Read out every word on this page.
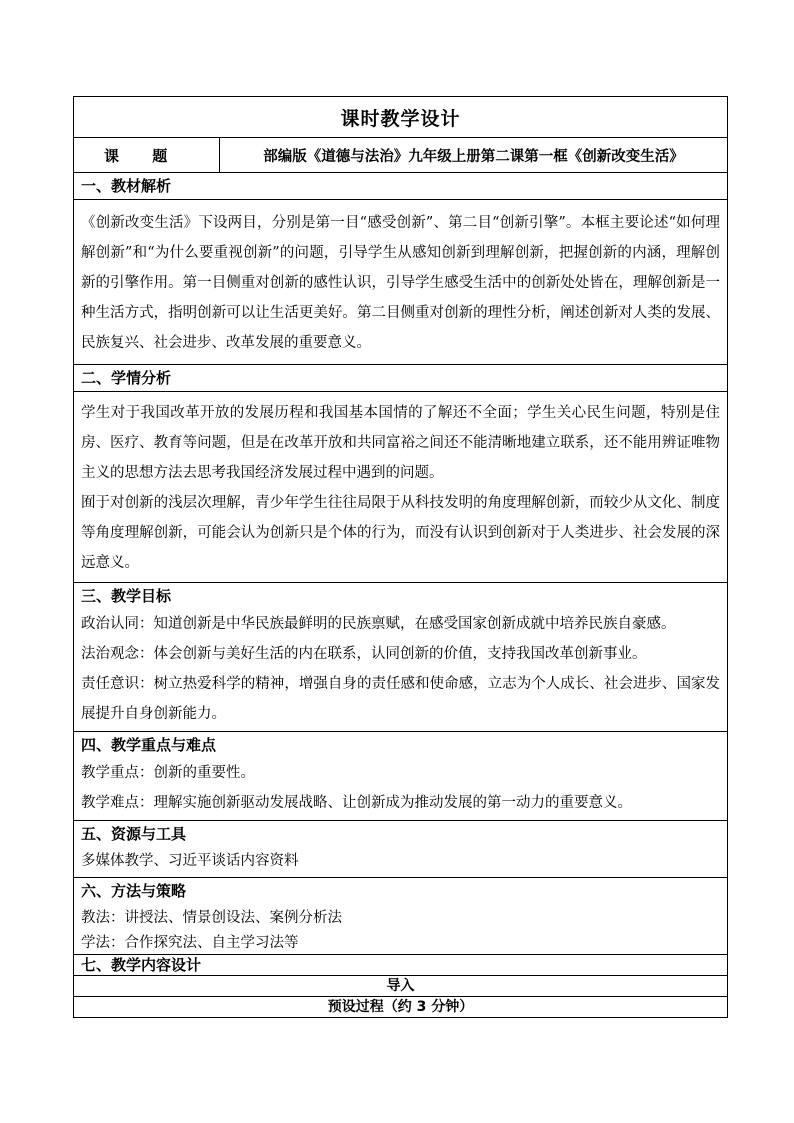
课时教学设计
课 题	部编版《道德与法治》九年级上册第二课第一框《创新改变生活》
一、教材解析

《创新改变生活》下设两目，分别是第一目“感受创新”、第二目“创新引擎”。本框主要论述“如何理解创新”和“为什么要重视创新”的问题，引导学生从感知创新到理解创新，把握创新的内涵，理解创新的引擎作用。第一目侧重对创新的感性认识，引导学生感受生活中的创新处处皆在，理解创新是一种生活方式，指明创新可以让生活更美好。第二目侧重对创新的理性分析，阐述创新对人类的发展、民族复兴、社会进步、改革发展的重要意义。

二、学情分析

学生对于我国改革开放的发展历程和我国基本国情的了解还不全面；学生关心民生问题，特别是住房、医疗、教育等问题，但是在改革开放和共同富裕之间还不能清晰地建立联系，还不能用辨证唯物主义的思想方法去思考我国经济发展过程中遇到的问题。

囿于对创新的浅层次理解，青少年学生往往局限于从科技发明的角度理解创新，而较少从文化、制度等角度理解创新，可能会认为创新只是个体的行为，而没有认识到创新对于人类进步、社会发展的深远意义。

三、教学目标

政治认同：知道创新是中华民族最鲜明的民族禀赋，在感受国家创新成就中培养民族自豪感。

法治观念：体会创新与美好生活的内在联系，认同创新的价值，支持我国改革创新事业。

责任意识：树立热爱科学的精神，增强自身的责任感和使命感，立志为个人成长、社会进步、国家发展提升自身创新能力。

四、教学重点与难点

教学重点：创新的重要性。

教学难点：理解实施创新驱动发展战略、让创新成为推动发展的第一动力的重要意义。

五、资源与工具

多媒体教学、习近平谈话内容资料

六、方法与策略

教法：讲授法、情景创设法、案例分析法

学法：合作探究法、自主学习法等

七、教学内容设计
导入
预设过程（约 3 分钟）
